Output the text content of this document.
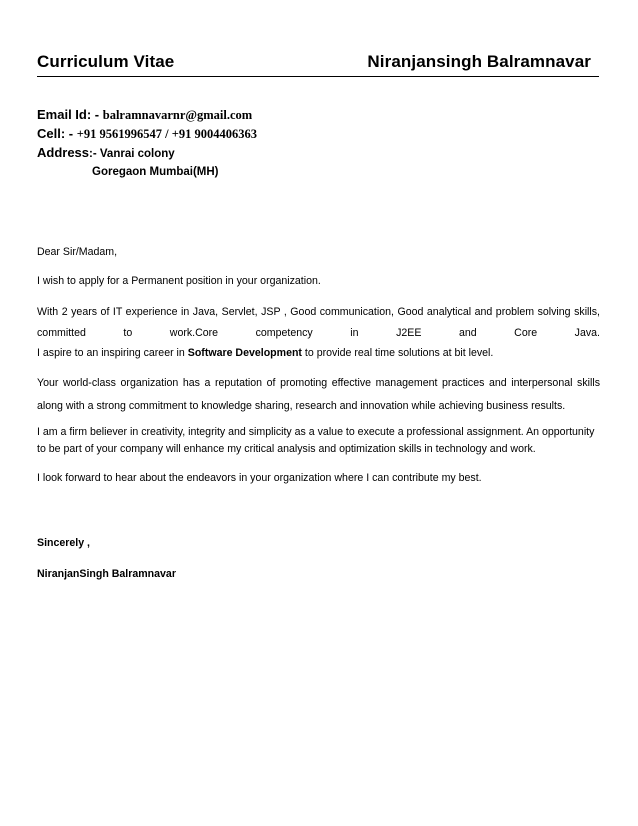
Curriculum Vitae	Niranjansingh Balramnavar
Email Id: - balramnavarnr@gmail.com
Cell: - +91 9561996547 / +91 9004406363
Address:- Vanrai colony
Goregaon Mumbai(MH)

Dear Sir/Madam,

I wish to apply for a Permanent position in your organization.

With 2 years of IT experience in Java, Servlet, JSP , Good communication, Good analytical and problem solving skills,
committed to work.Core competency in J2EE and Core Java.
I aspire to an inspiring career in Software Development to provide real time solutions at bit level.

Your world-class organization has a reputation of promoting effective management practices and interpersonal skills along with a strong commitment to knowledge sharing, research and innovation while achieving business results.

I am a firm believer in creativity, integrity and simplicity as a value to execute a professional assignment. An opportunity to be part of your company will enhance my critical analysis and optimization skills in technology and work.

I look forward to hear about the endeavors in your organization where I can contribute my best.

Sincerely ,
NiranjanSingh Balramnavar
